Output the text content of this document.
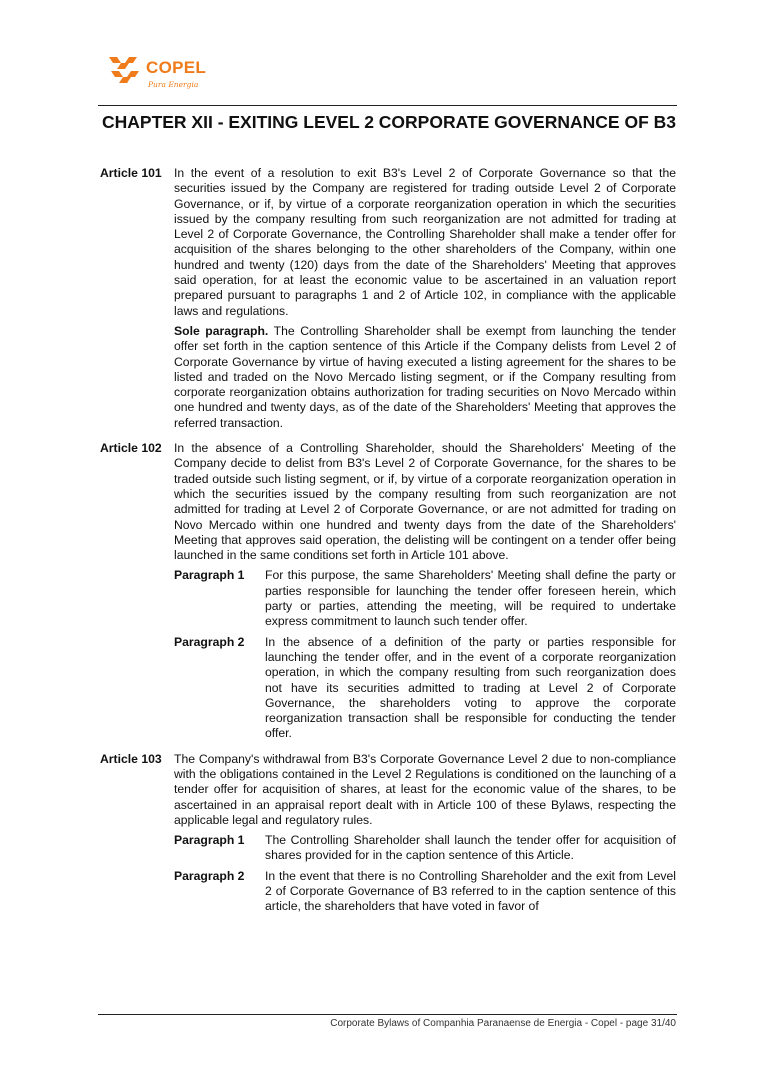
COPEL
Pura Energia
CHAPTER XII - EXITING LEVEL 2 CORPORATE GOVERNANCE OF B3
Article 101	In the event of a resolution to exit B3's Level 2 of Corporate Governance so that the securities issued by the Company are registered for trading outside Level 2 of Corporate Governance, or if, by virtue of a corporate reorganization operation in which the securities issued by the company resulting from such reorganization are not admitted for trading at Level 2 of Corporate Governance, the Controlling Shareholder shall make a tender offer for acquisition of the shares belonging to the other shareholders of the Company, within one hundred and twenty (120) days from the date of the Shareholders' Meeting that approves said operation, for at least the economic value to be ascertained in an valuation report prepared pursuant to paragraphs 1 and 2 of Article 102, in compliance with the applicable laws and regulations.

Sole paragraph. The Controlling Shareholder shall be exempt from launching the tender offer set forth in the caption sentence of this Article if the Company delists from Level 2 of Corporate Governance by virtue of having executed a listing agreement for the shares to be listed and traded on the Novo Mercado listing segment, or if the Company resulting from corporate reorganization obtains authorization for trading securities on Novo Mercado within one hundred and twenty days, as of the date of the Shareholders' Meeting that approves the referred transaction.

Article 102	In the absence of a Controlling Shareholder, should the Shareholders' Meeting of the Company decide to delist from B3's Level 2 of Corporate Governance, for the shares to be traded outside such listing segment, or if, by virtue of a corporate reorganization operation in which the securities issued by the company resulting from such reorganization are not admitted for trading at Level 2 of Corporate Governance, or are not admitted for trading on Novo Mercado within one hundred and twenty days from the date of the Shareholders' Meeting that approves said operation, the delisting will be contingent on a tender offer being launched in the same conditions set forth in Article 101 above.

Paragraph 1	For this purpose, the same Shareholders' Meeting shall define the party or parties responsible for launching the tender offer foreseen herein, which party or parties, attending the meeting, will be required to undertake express commitment to launch such tender offer.

Paragraph 2	In the absence of a definition of the party or parties responsible for launching the tender offer, and in the event of a corporate reorganization operation, in which the company resulting from such reorganization does not have its securities admitted to trading at Level 2 of Corporate Governance, the shareholders voting to approve the corporate reorganization transaction shall be responsible for conducting the tender offer.

Article 103	The Company's withdrawal from B3's Corporate Governance Level 2 due to non-compliance with the obligations contained in the Level 2 Regulations is conditioned on the launching of a tender offer for acquisition of shares, at least for the economic value of the shares, to be ascertained in an appraisal report dealt with in Article 100 of these Bylaws, respecting the applicable legal and regulatory rules.

Paragraph 1	The Controlling Shareholder shall launch the tender offer for acquisition of shares provided for in the caption sentence of this Article.

Paragraph 2	In the event that there is no Controlling Shareholder and the exit from Level 2 of Corporate Governance of B3 referred to in the caption sentence of this article, the shareholders that have voted in favor of

Corporate Bylaws of Companhia Paranaense de Energia - Copel - page 31/40
